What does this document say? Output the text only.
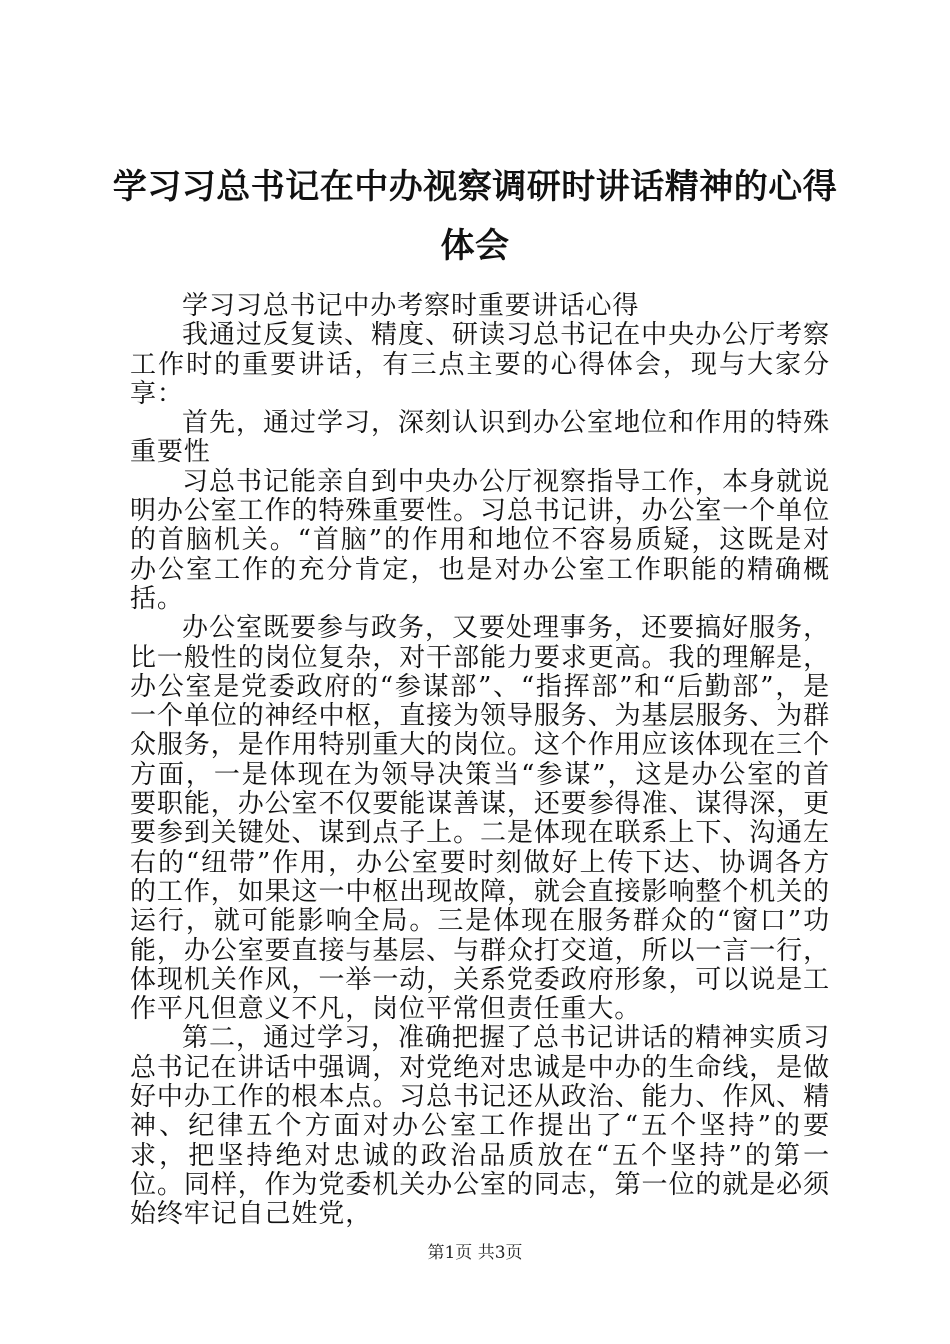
学习习总书记在中办视察调研时讲话精神的心得体会

学习习总书记中办考察时重要讲话心得

我通过反复读、精度、研读习总书记在中央办公厅考察工作时的重要讲话，有三点主要的心得体会，现与大家分享：

首先，通过学习，深刻认识到办公室地位和作用的特殊重要性

习总书记能亲自到中央办公厅视察指导工作，本身就说明办公室工作的特殊重要性。习总书记讲，办公室一个单位的首脑机关。“首脑”的作用和地位不容易质疑，这既是对办公室工作的充分肯定，也是对办公室工作职能的精确概括。

办公室既要参与政务，又要处理事务，还要搞好服务，比一般性的岗位复杂，对干部能力要求更高。我的理解是，办公室是党委政府的“参谋部”、“指挥部”和“后勤部”，是一个单位的神经中枢，直接为领导服务、为基层服务、为群众服务，是作用特别重大的岗位。这个作用应该体现在三个方面，一是体现在为领导决策当“参谋”，这是办公室的首要职能，办公室不仅要能谋善谋，还要参得准、谋得深，更要参到关键处、谋到点子上。二是体现在联系上下、沟通左右的“纽带”作用，办公室要时刻做好上传下达、协调各方的工作，如果这一中枢出现故障，就会直接影响整个机关的运行，就可能影响全局。三是体现在服务群众的“窗口”功能，办公室要直接与基层、与群众打交道，所以一言一行，体现机关作风，一举一动，关系党委政府形象，可以说是工作平凡但意义不凡，岗位平常但责任重大。

第二，通过学习，准确把握了总书记讲话的精神实质习总书记在讲话中强调，对党绝对忠诚是中办的生命线，是做好中办工作的根本点。习总书记还从政治、能力、作风、精神、纪律五个方面对办公室工作提出了“五个坚持”的要求，把坚持绝对忠诚的政治品质放在“五个坚持”的第一位。同样，作为党委机关办公室的同志，第一位的就是必须始终牢记自己姓党，

第1页 共3页
